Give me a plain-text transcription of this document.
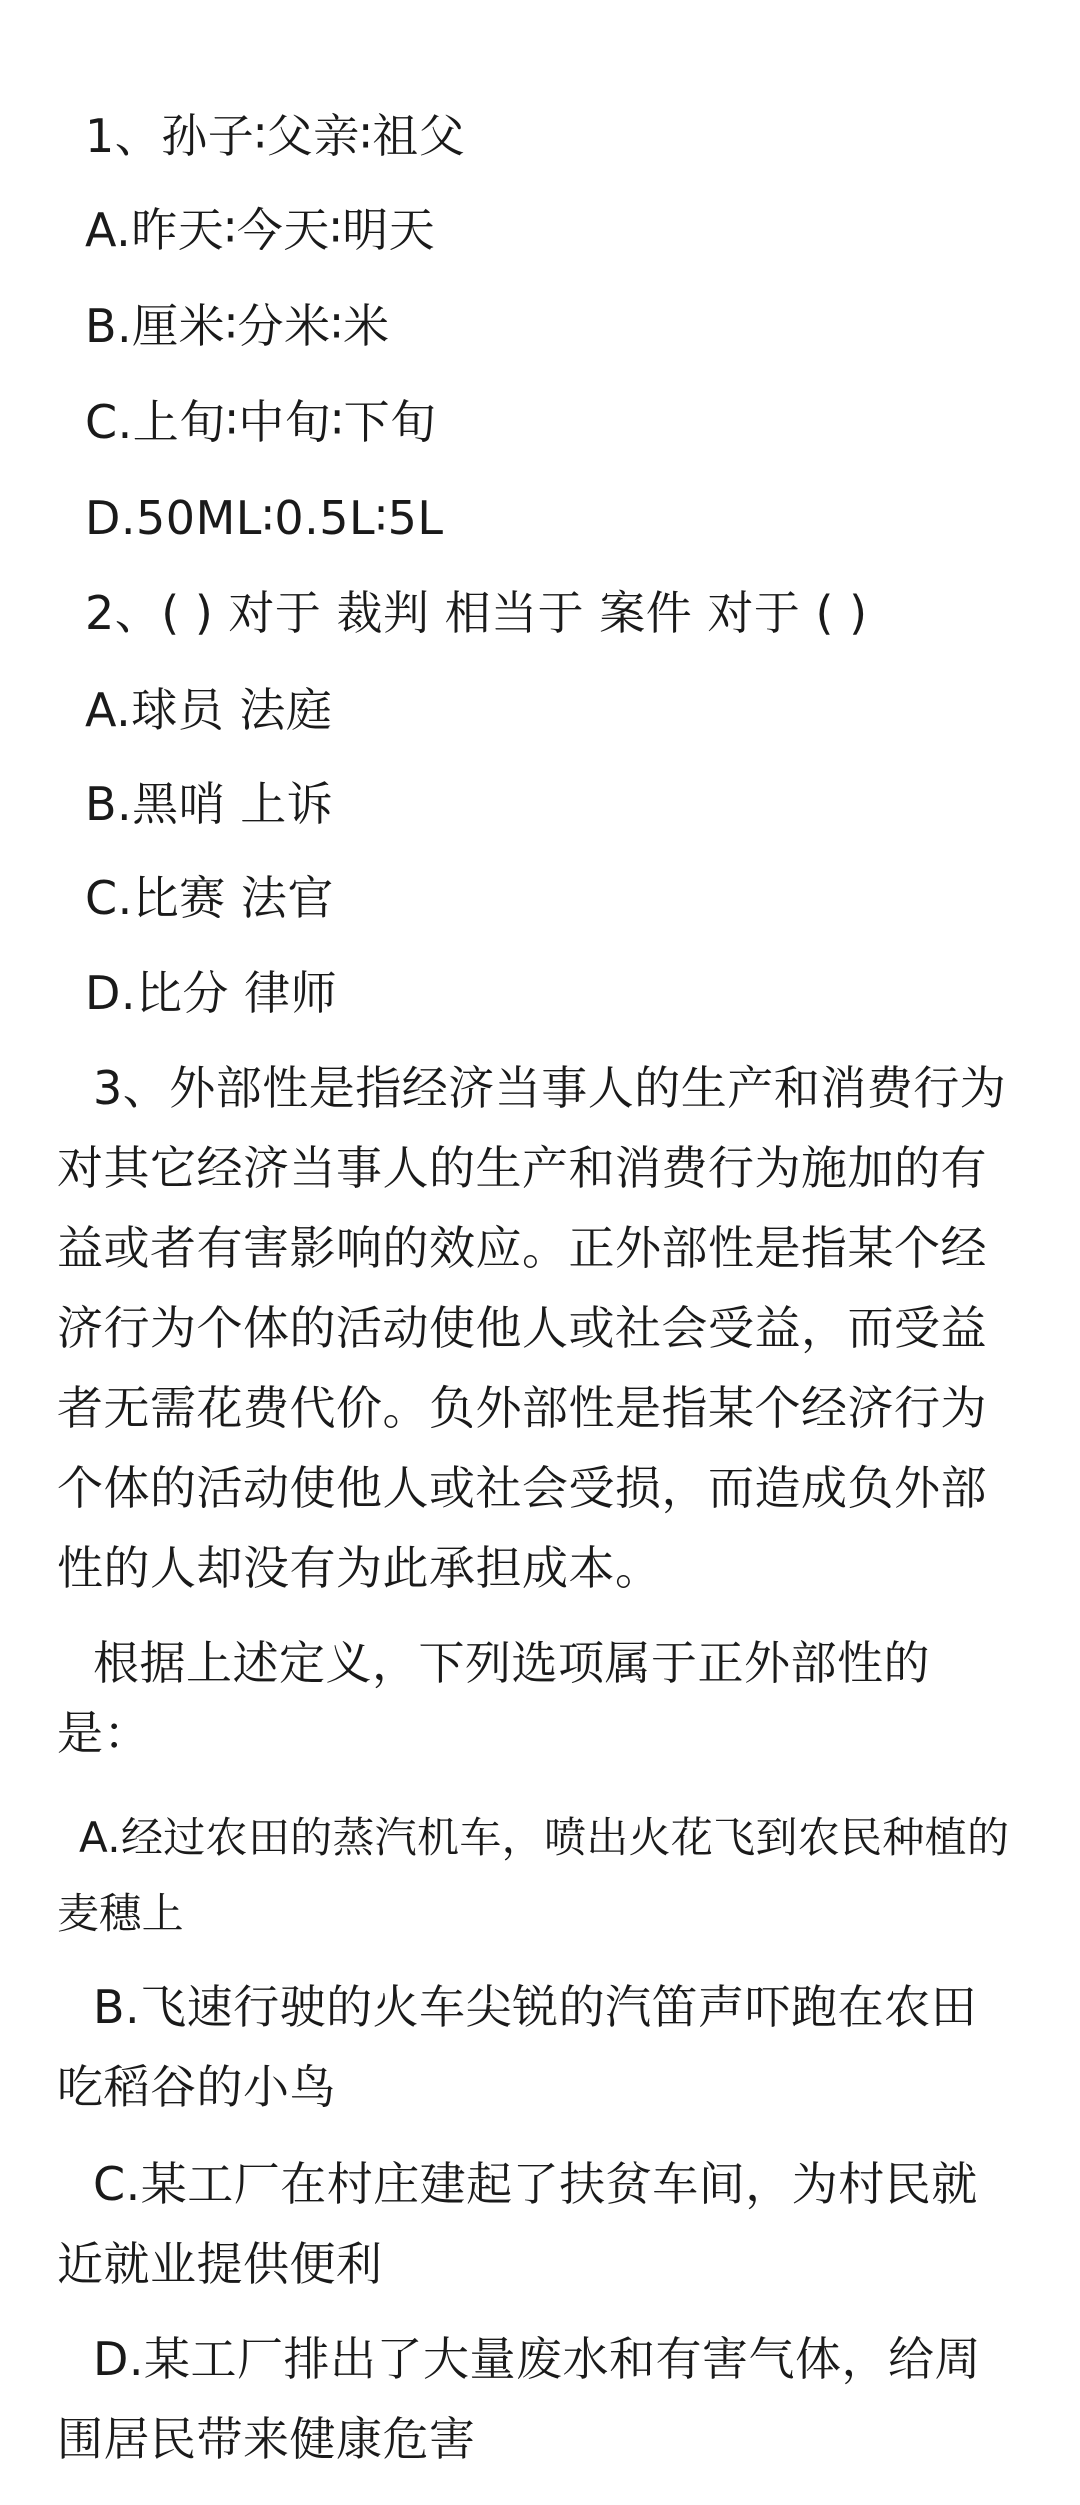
1、孙子∶父亲∶祖父
A.昨天∶今天∶明天
B.厘米∶分米∶米
C.上旬∶中旬∶下旬
D.50ML∶0.5L∶5L
2、( ) 对于 裁判 相当于 案件 对于 ( )
A.球员 法庭
B.黑哨 上诉
C.比赛 法官
D.比分 律师

3、外部性是指经济当事人的生产和消费行为对其它经济当事人的生产和消费行为施加的有益或者有害影响的效应。正外部性是指某个经济行为个体的活动使他人或社会受益，而受益者无需花费代价。负外部性是指某个经济行为个体的活动使他人或社会受损，而造成负外部性的人却没有为此承担成本。

根据上述定义，下列选项属于正外部性的是：

A.经过农田的蒸汽机车，喷出火花飞到农民种植的麦穗上

B.飞速行驶的火车尖锐的汽笛声吓跑在农田吃稻谷的小鸟

C.某工厂在村庄建起了扶贫车间，为村民就近就业提供便利

D.某工厂排出了大量废水和有害气体，给周围居民带来健康危害
